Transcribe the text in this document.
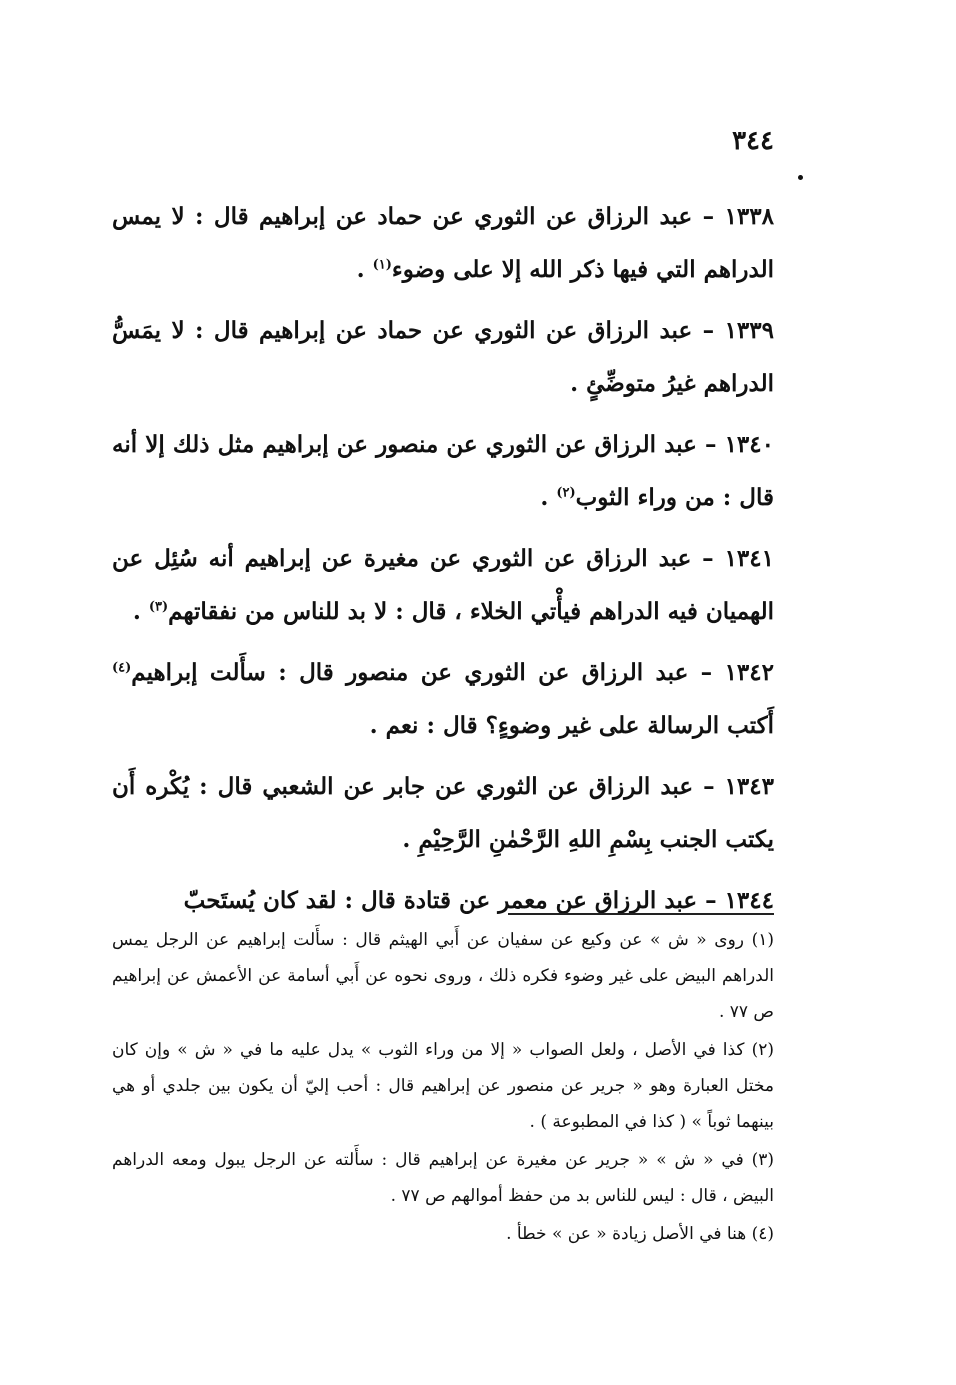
٣٤٤

١٣٣٨ – عبد الرزاق عن الثوري عن حماد عن إبراهيم قال : لا يمس الدراهم التي فيها ذكر الله إلا على وضوء$^{(١)}$ .

١٣٣٩ – عبد الرزاق عن الثوري عن حماد عن إبراهيم قال : لا يمَسُّ الدراهم غيرُ متوضِّئٍ .

١٣٤٠ – عبد الرزاق عن الثوري عن منصور عن إبراهيم مثل ذلك إلا أنه قال : من وراء الثوب$^{(٢)}$ .

١٣٤١ – عبد الرزاق عن الثوري عن مغيرة عن إبراهيم أنه سُئِل عن الهميان فيه الدراهم فيأْتي الخلاء ، قال : لا بد للناس من نفقاتهم$^{(٣)}$ .

١٣٤٢ – عبد الرزاق عن الثوري عن منصور قال : سأَلت إبراهيم$^{(٤)}$ أَكتب الرسالة على غير وضوءٍ؟ قال : نعم .

١٣٤٣ – عبد الرزاق عن الثوري عن جابر عن الشعبي قال : يُكْره أَن يكتب الجنب بِسْمِ اللهِ الرَّحْمٰنِ الرَّحِيْمِ .

١٣٤٤ – عبد الرزاق عن معمر عن قتادة قال : لقد كان يُستَحبّ

(١) روى « ش » عن وكيع عن سفيان عن أَبي الهيثم قال : سأَلت إبراهيم عن الرجل يمس الدراهم البيض على غير وضوء فكره ذلك ، وروى نحوه عن أَبي أسامة عن الأعمش عن إبراهيم ص ٧٧ .

(٢) كذا في الأصل ، ولعل الصواب « إلا من وراء الثوب » يدل عليه ما في « ش » وإن كان مختل العبارة وهو « جرير عن منصور عن إبراهيم قال : أحب إليّ أن يكون بين جلدي أو هي بينهما ثوباً » ( كذا في المطبوعة ) .

(٣) في « ش » « جرير عن مغيرة عن إبراهيم قال : سأَلته عن الرجل يبول ومعه الدراهم البيض ، قال : ليس للناس بد من حفظ أموالهم ص ٧٧ .

(٤) هنا في الأصل زيادة « عن » خطأ .
